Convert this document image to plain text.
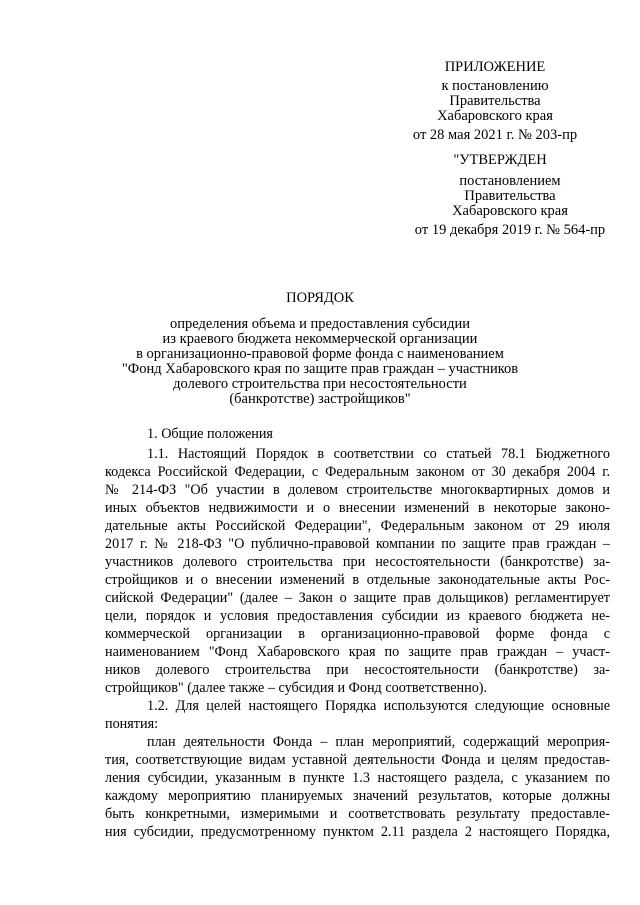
ПРИЛОЖЕНИЕ
к постановлению
Правительства
Хабаровского края
от 28 мая 2021 г. № 203-пр
"УТВЕРЖДЕН
постановлением
Правительства
Хабаровского края
от 19 декабря 2019 г. № 564-пр
ПОРЯДОК
определения объема и предоставления субсидии
из краевого бюджета некоммерческой организации
в организационно-правовой форме фонда с наименованием
"Фонд Хабаровского края по защите прав граждан – участников
долевого строительства при несостоятельности
(банкротстве) застройщиков"
1. Общие положения
1.1. Настоящий Порядок в соответствии со статьей 78.1 Бюджетного
кодекса Российской Федерации, с Федеральным законом от 30 декабря 2004 г.
№ 214-ФЗ "Об участии в долевом строительстве многоквартирных домов и
иных объектов недвижимости и о внесении изменений в некоторые законо-
дательные акты Российской Федерации", Федеральным законом от 29 июля
2017 г. № 218-ФЗ "О публично-правовой компании по защите прав граждан –
участников долевого строительства при несостоятельности (банкротстве) за-
стройщиков и о внесении изменений в отдельные законодательные акты Рос-
сийской Федерации" (далее – Закон о защите прав дольщиков) регламентирует
цели, порядок и условия предоставления субсидии из краевого бюджета не-
коммерческой организации в организационно-правовой форме фонда с
наименованием "Фонд Хабаровского края по защите прав граждан – участ-
ников долевого строительства при несостоятельности (банкротстве) за-
стройщиков" (далее также – субсидия и Фонд соответственно).
1.2. Для целей настоящего Порядка используются следующие основные
понятия:
план деятельности Фонда – план мероприятий, содержащий мероприя-
тия, соответствующие видам уставной деятельности Фонда и целям предостав-
ления субсидии, указанным в пункте 1.3 настоящего раздела, с указанием по
каждому мероприятию планируемых значений результатов, которые должны
быть конкретными, измеримыми и соответствовать результату предоставле-
ния субсидии, предусмотренному пунктом 2.11 раздела 2 настоящего Порядка,
